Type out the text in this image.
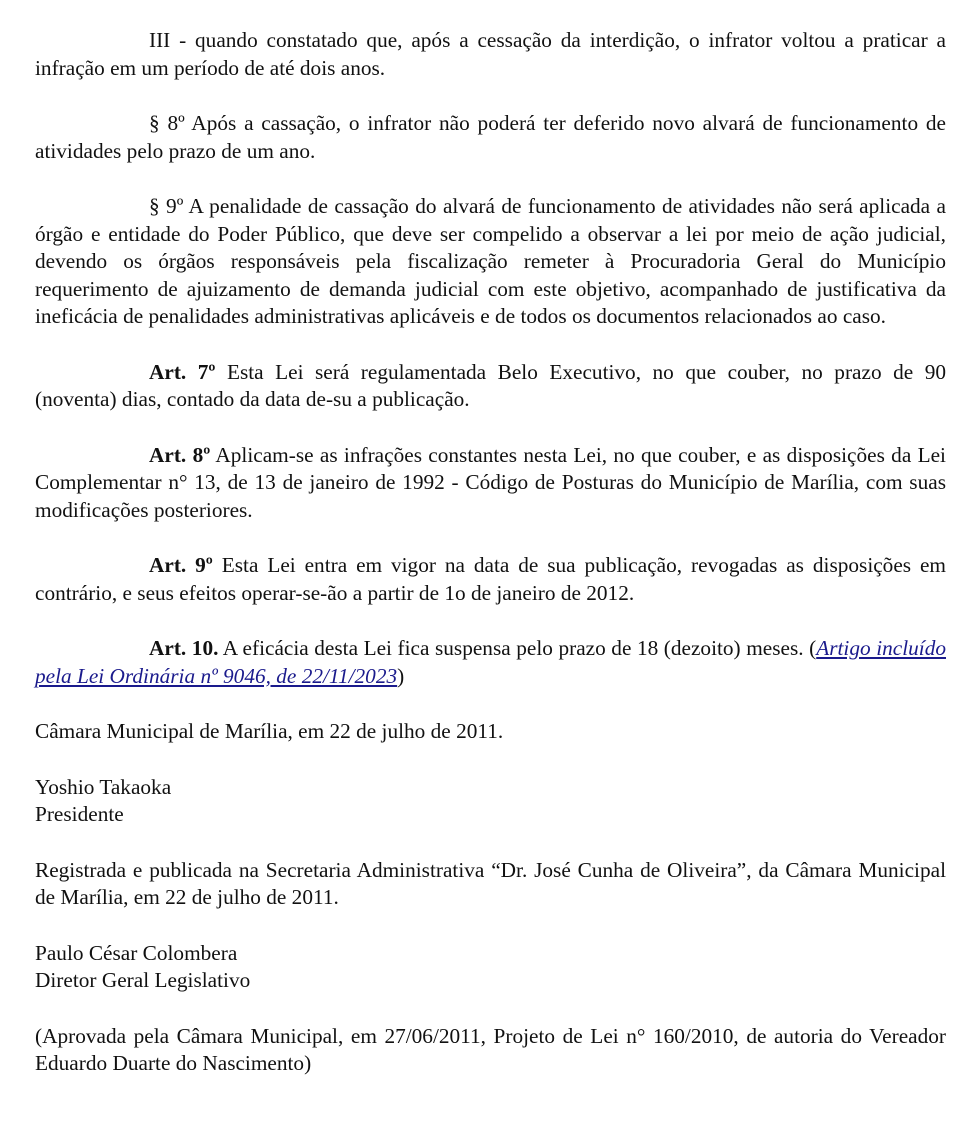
III - quando constatado que, após a cessação da interdição, o infrator voltou a praticar a infração em um período de até dois anos.

§ 8º Após a cassação, o infrator não poderá ter deferido novo alvará de funcionamento de atividades pelo prazo de um ano.

§ 9º A penalidade de cassação do alvará de funcionamento de atividades não será aplicada a órgão e entidade do Poder Público, que deve ser compelido a observar a lei por meio de ação judicial, devendo os órgãos responsáveis pela fiscalização remeter à Procuradoria Geral do Município requerimento de ajuizamento de demanda judicial com este objetivo, acompanhado de justificativa da ineficácia de penalidades administrativas aplicáveis e de todos os documentos relacionados ao caso.

Art. 7º Esta Lei será regulamentada Belo Executivo, no que couber, no prazo de 90 (noventa) dias, contado da data de-su a publicação.

Art. 8º Aplicam-se as infrações constantes nesta Lei, no que couber, e as disposições da Lei Complementar n° 13, de 13 de janeiro de 1992 - Código de Posturas do Município de Marília, com suas modificações posteriores.

Art. 9º Esta Lei entra em vigor na data de sua publicação, revogadas as disposições em contrário, e seus efeitos operar-se-ão a partir de 1o de janeiro de 2012.

Art. 10. A eficácia desta Lei fica suspensa pelo prazo de 18 (dezoito) meses. (Artigo incluído pela Lei Ordinária nº 9046, de 22/11/2023)

Câmara Municipal de Marília, em 22 de julho de 2011.

Yoshio Takaoka
Presidente

Registrada e publicada na Secretaria Administrativa “Dr. José Cunha de Oliveira”, da Câmara Municipal de Marília, em 22 de julho de 2011.

Paulo César Colombera
Diretor Geral Legislativo

(Aprovada pela Câmara Municipal, em 27/06/2011, Projeto de Lei n° 160/2010, de autoria do Vereador Eduardo Duarte do Nascimento)
